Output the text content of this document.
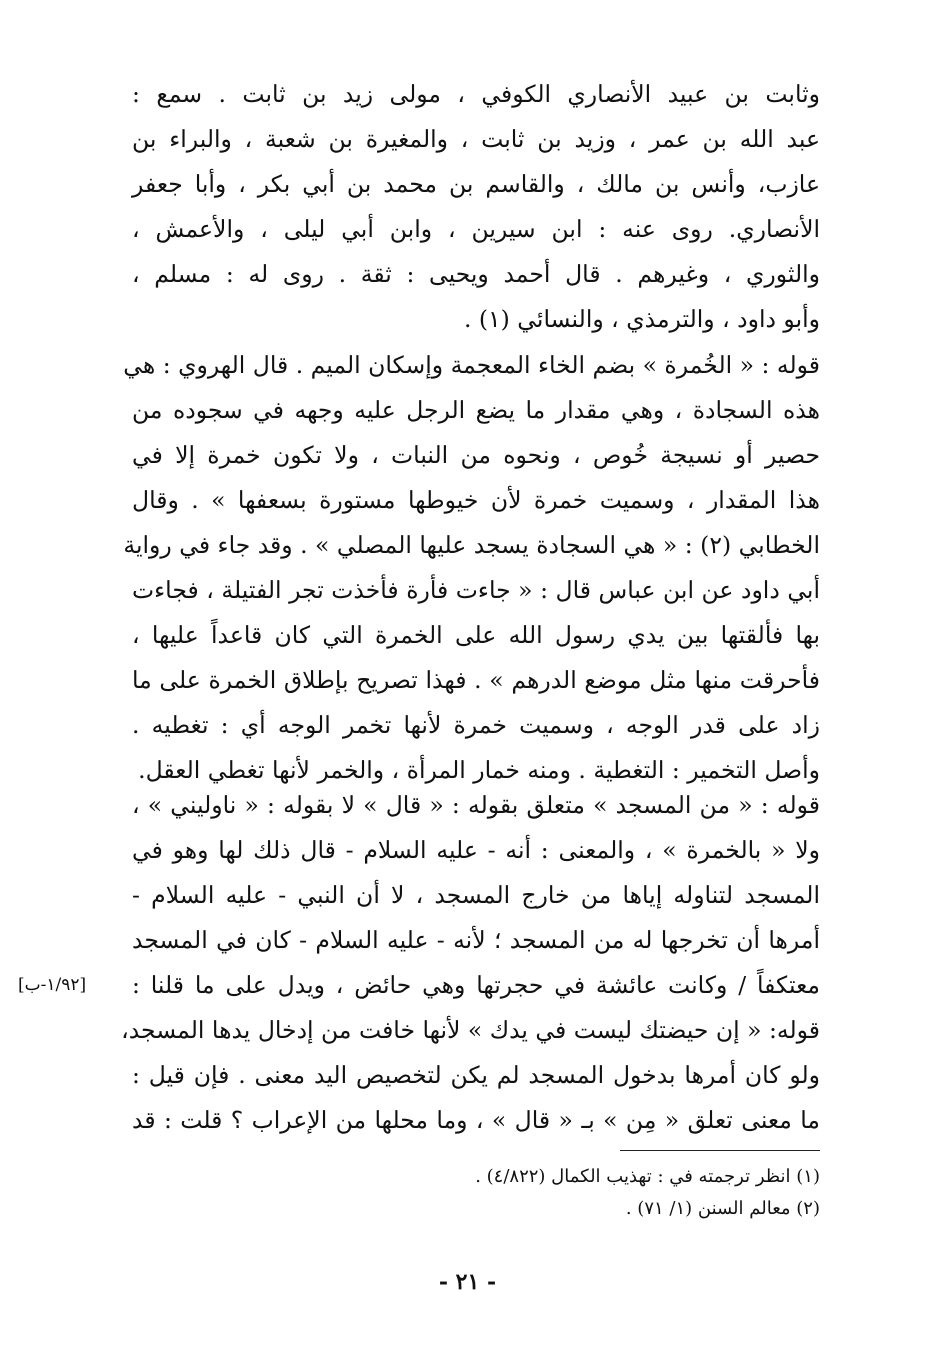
وثابت بن عبيد الأنصاري الكوفي ، مولى زيد بن ثابت . سمع :
عبد الله بن عمر ، وزيد بن ثابت ، والمغيرة بن شعبة ، والبراء بن
عازب، وأنس بن مالك ، والقاسم بن محمد بن أبي بكر ، وأبا جعفر
الأنصاري. روى عنه : ابن سيرين ، وابن أبي ليلى ، والأعمش ،
والثوري ، وغيرهم . قال أحمد ويحيى : ثقة . روى له : مسلم ،
وأبو داود ، والترمذي ، والنسائي (١) .
قوله : « الخُمرة » بضم الخاء المعجمة وإسكان الميم . قال الهروي : هي
هذه السجادة ، وهي مقدار ما يضع الرجل عليه وجهه في سجوده من
حصير أو نسيجة خُوص ، ونحوه من النبات ، ولا تكون خمرة إلا في
هذا المقدار ، وسميت خمرة لأن خيوطها مستورة بسعفها » . وقال
الخطابي (٢) : « هي السجادة يسجد عليها المصلي » . وقد جاء في رواية
أبي داود عن ابن عباس قال : « جاءت فأرة فأخذت تجر الفتيلة ، فجاءت
بها فألقتها بين يدي رسول الله على الخمرة التي كان قاعداً عليها ،
فأحرقت منها مثل موضع الدرهم » . فهذا تصريح بإطلاق الخمرة على ما
زاد على قدر الوجه ، وسميت خمرة لأنها تخمر الوجه أي : تغطيه .
وأصل التخمير : التغطية . ومنه خمار المرأة ، والخمر لأنها تغطي العقل.
قوله : « من المسجد » متعلق بقوله : « قال » لا بقوله : « ناوليني » ،
ولا « بالخمرة » ، والمعنى : أنه - عليه السلام - قال ذلك لها وهو في
المسجد لتناوله إياها من خارج المسجد ، لا أن النبي - عليه السلام -
أمرها أن تخرجها له من المسجد ؛ لأنه - عليه السلام - كان في المسجد
معتكفاً / وكانت عائشة في حجرتها وهي حائض ، ويدل على ما قلنا :
قوله: « إن حيضتك ليست في يدك » لأنها خافت من إدخال يدها المسجد،
ولو كان أمرها بدخول المسجد لم يكن لتخصيص اليد معنى . فإن قيل :
ما معنى تعلق « مِن » بـ « قال » ، وما محلها من الإعراب ؟ قلت : قد
[١/٩٢-ب]
(١) انظر ترجمته في : تهذيب الكمال (٤/٨٢٢) .
(٢) معالم السنن (١/ ٧١) .
- ٢١ -
